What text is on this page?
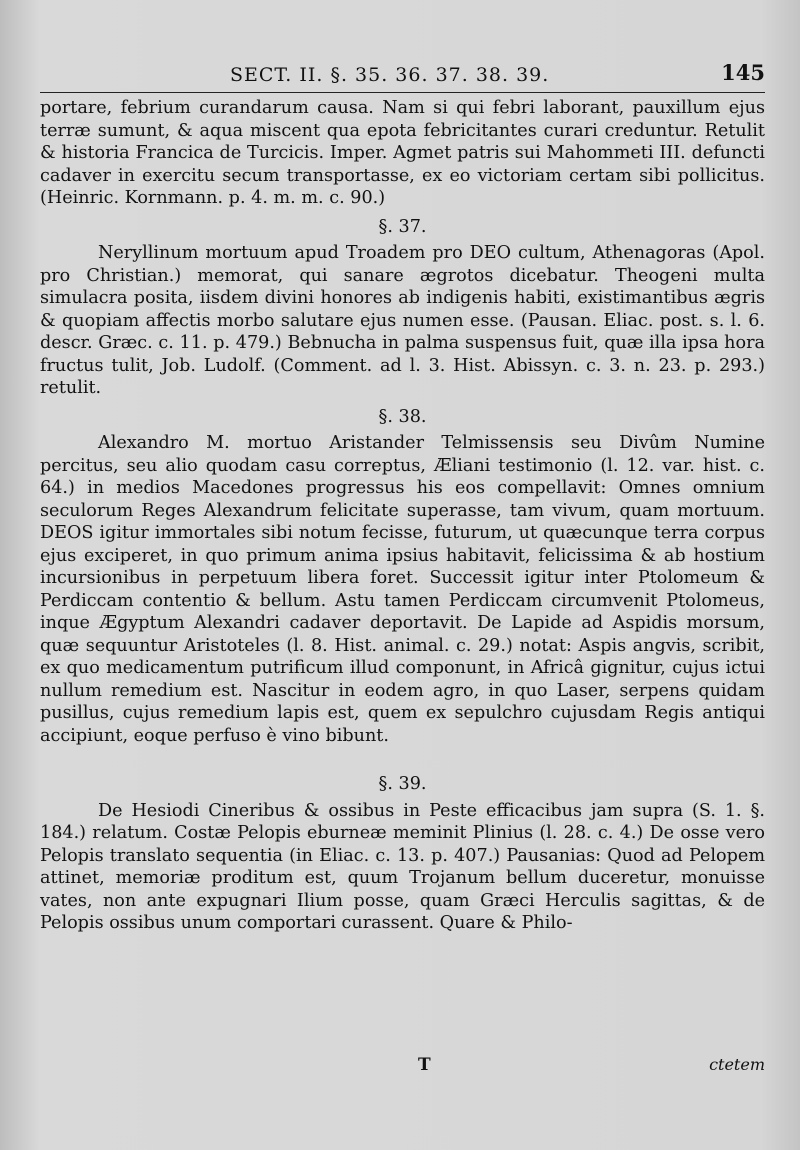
SECT. II. §. 35. 36. 37. 38. 39.	145

portare, febrium curandarum causa. Nam si qui febri laborant, pauxillum ejus terræ sumunt, & aqua miscent qua epota febricitantes curari creduntur. Retulit & historia Francica de Turcicis. Imper. Agmet patris sui Mahommeti III. defuncti cadaver in exercitu secum transportasse, ex eo victoriam certam sibi pollicitus. (Heinric. Kornmann. p. 4. m. m. c. 90.)

§. 37.

Neryllinum mortuum apud Troadem pro DEO cultum, Athenagoras (Apol. pro Christian.) memorat, qui sanare ægrotos dicebatur. Theogeni multa simulacra posita, iisdem divini honores ab indigenis habiti, existimantibus ægris & quopiam affectis morbo salutare ejus numen esse. (Pausan. Eliac. post. s. l. 6. descr. Græc. c. 11. p. 479.) Bebnucha in palma suspensus fuit, quæ illa ipsa hora fructus tulit, Job. Ludolf. (Comment. ad l. 3. Hist. Abissyn. c. 3. n. 23. p. 293.) retulit.

§. 38.

Alexandro M. mortuo Aristander Telmissensis seu Divûm Numine percitus, seu alio quodam casu correptus, Æliani testimonio (l. 12. var. hist. c. 64.) in medios Macedones progressus his eos compellavit: Omnes omnium seculorum Reges Alexandrum felicitate superasse, tam vivum, quam mortuum. DEOS igitur immortales sibi notum fecisse, futurum, ut quæcunque terra corpus ejus exciperet, in quo primum anima ipsius habitavit, felicissima & ab hostium incursionibus in perpetuum libera foret. Successit igitur inter Ptolomeum & Perdiccam contentio & bellum. Astu tamen Perdiccam circumvenit Ptolomeus, inque Ægyptum Alexandri cadaver deportavit. De Lapide ad Aspidis morsum, quæ sequuntur Aristoteles (l. 8. Hist. animal. c. 29.) notat: Aspis angvis, scribit, ex quo medicamentum putrificum illud componunt, in Africâ gignitur, cujus ictui nullum remedium est. Nascitur in eodem agro, in quo Laser, serpens quidam pusillus, cujus remedium lapis est, quem ex sepulchro cujusdam Regis antiqui accipiunt, eoque perfuso è vino bibunt.

§. 39.

De Hesiodi Cineribus & ossibus in Peste efficacibus jam supra (S. 1. §. 184.) relatum. Costæ Pelopis eburneæ meminit Plinius (l. 28. c. 4.) De osse vero Pelopis translato sequentia (in Eliac. c. 13. p. 407.) Pausanias: Quod ad Pelopem attinet, memoriæ proditum est, quum Trojanum bellum duceretur, monuisse vates, non ante expugnari Ilium posse, quam Græci Herculis sagittas, & de Pelopis ossibus unum comportari curassent. Quare & Philo-

T	ctetem
